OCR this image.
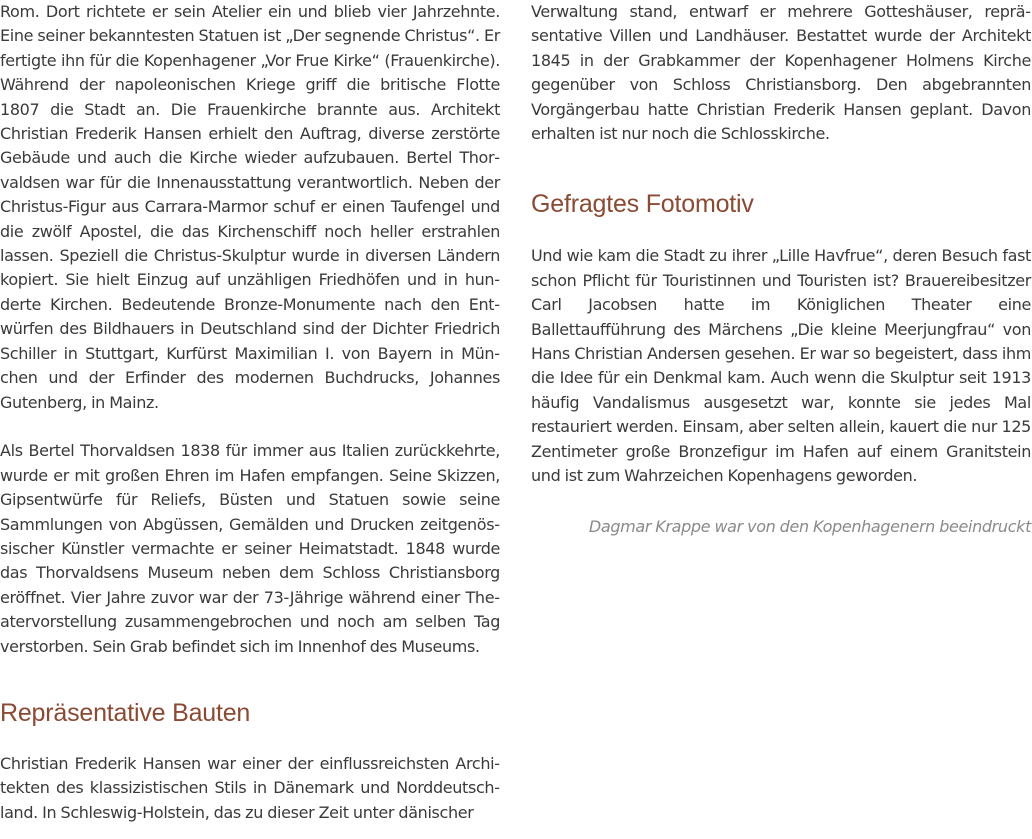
Rom. Dort richtete er sein Atelier ein und blieb vier Jahrzehnte. Eine seiner bekanntesten Statuen ist „Der segnende Christus“. Er fertigte ihn für die Kopenhagener „Vor Frue Kirke“ (Frauenkirche). Während der napoleonischen Kriege griff die britische Flotte 1807 die Stadt an. Die Frauenkirche brannte aus. Architekt Christian Frederik Hansen erhielt den Auftrag, diverse zerstörte Gebäude und auch die Kirche wieder aufzubauen. Bertel Thorvaldsen war für die Innenausstattung verantwortlich. Neben der Christus-Figur aus Carrara-Marmor schuf er einen Taufengel und die zwölf Apostel, die das Kirchenschiff noch heller erstrahlen lassen. Speziell die Christus-Skulptur wurde in diversen Ländern kopiert. Sie hielt Einzug auf unzähligen Friedhöfen und in hunderte Kirchen. Bedeutende Bronze-Monumente nach den Entwürfen des Bildhauers in Deutschland sind der Dichter Friedrich Schiller in Stuttgart, Kurfürst Maximilian I. von Bayern in München und der Erfinder des modernen Buchdrucks, Johannes Gutenberg, in Mainz.

Als Bertel Thorvaldsen 1838 für immer aus Italien zurückkehrte, wurde er mit großen Ehren im Hafen empfangen. Seine Skizzen, Gipsentwürfe für Reliefs, Büsten und Statuen sowie seine Sammlungen von Abgüssen, Gemälden und Drucken zeitgenössischer Künstler vermachte er seiner Heimatstadt. 1848 wurde das Thorvaldsens Museum neben dem Schloss Christiansborg eröffnet. Vier Jahre zuvor war der 73-Jährige während einer Theatervorstellung zusammengebrochen und noch am selben Tag verstorben. Sein Grab befindet sich im Innenhof des Museums.

Repräsentative Bauten

Christian Frederik Hansen war einer der einflussreichsten Architekten des klassizistischen Stils in Dänemark und Norddeutschland. In Schleswig-Holstein, das zu dieser Zeit unter dänischer

Verwaltung stand, entwarf er mehrere Gotteshäuser, repräsentative Villen und Landhäuser. Bestattet wurde der Architekt 1845 in der Grabkammer der Kopenhagener Holmens Kirche gegenüber von Schloss Christiansborg. Den abgebrannten Vorgängerbau hatte Christian Frederik Hansen geplant. Davon erhalten ist nur noch die Schlosskirche.

Gefragtes Fotomotiv

Und wie kam die Stadt zu ihrer „Lille Havfrue“, deren Besuch fast schon Pflicht für Touristinnen und Touristen ist? Brauereibesitzer Carl Jacobsen hatte im Königlichen Theater eine Ballettaufführung des Märchens „Die kleine Meerjungfrau“ von Hans Christian Andersen gesehen. Er war so begeistert, dass ihm die Idee für ein Denkmal kam. Auch wenn die Skulptur seit 1913 häufig Vandalismus ausgesetzt war, konnte sie jedes Mal restauriert werden. Einsam, aber selten allein, kauert die nur 125 Zentimeter große Bronzefigur im Hafen auf einem Granitstein und ist zum Wahrzeichen Kopenhagens geworden.

Dagmar Krappe war von den Kopenhagenern beeindruckt
